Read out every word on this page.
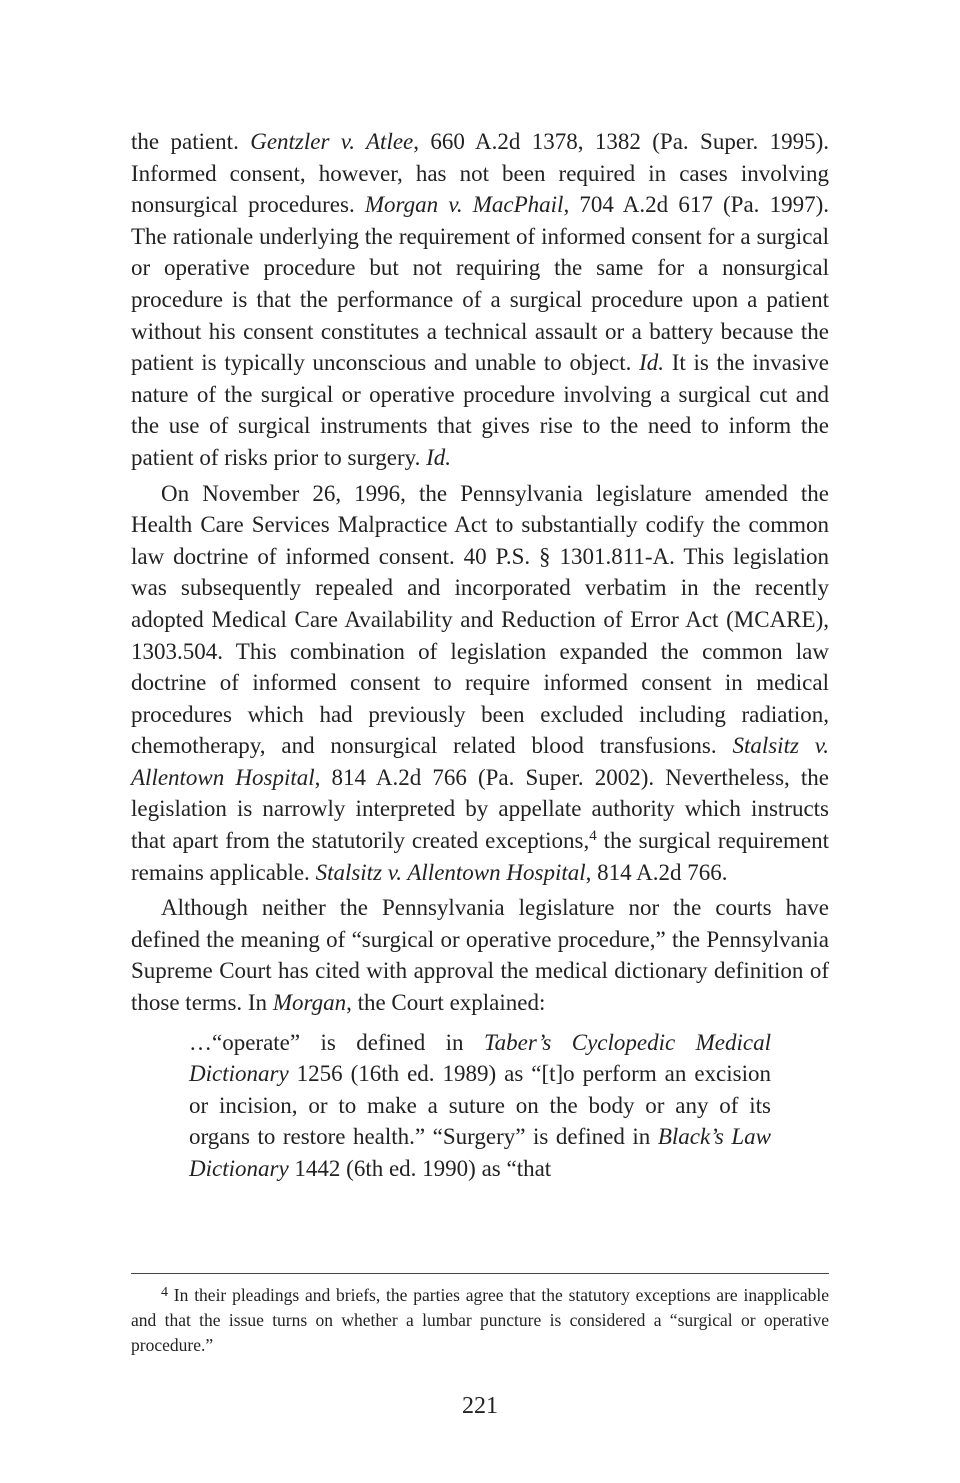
the patient. Gentzler v. Atlee, 660 A.2d 1378, 1382 (Pa. Super. 1995). Informed consent, however, has not been required in cases involving nonsurgical procedures. Morgan v. MacPhail, 704 A.2d 617 (Pa. 1997). The rationale underlying the requirement of informed consent for a surgical or operative procedure but not requiring the same for a nonsurgical procedure is that the performance of a surgical procedure upon a patient without his consent constitutes a technical assault or a battery because the patient is typically unconscious and unable to object. Id. It is the invasive nature of the surgical or operative procedure involving a surgical cut and the use of surgical instruments that gives rise to the need to inform the patient of risks prior to surgery. Id.

On November 26, 1996, the Pennsylvania legislature amended the Health Care Services Malpractice Act to substantially codify the common law doctrine of informed consent. 40 P.S. § 1301.811-A. This legislation was subsequently repealed and incorporated verbatim in the recently adopted Medical Care Availability and Reduction of Error Act (MCARE), 1303.504. This combination of legislation expanded the common law doctrine of informed consent to require informed consent in medical procedures which had previously been excluded including radiation, chemotherapy, and nonsurgical related blood transfusions. Stalsitz v. Allentown Hospital, 814 A.2d 766 (Pa. Super. 2002). Nevertheless, the legislation is narrowly interpreted by appellate authority which instructs that apart from the statutorily created exceptions,$^4$ the surgical requirement remains applicable. Stalsitz v. Allentown Hospital, 814 A.2d 766.

Although neither the Pennsylvania legislature nor the courts have defined the meaning of “surgical or operative procedure,” the Pennsylvania Supreme Court has cited with approval the medical dictionary definition of those terms. In Morgan, the Court explained:

…“operate” is defined in Taber’s Cyclopedic Medical Dictionary 1256 (16th ed. 1989) as “[t]o perform an excision or incision, or to make a suture on the body or any of its organs to restore health.” “Surgery” is defined in Black’s Law Dictionary 1442 (6th ed. 1990) as “that

$^4$ In their pleadings and briefs, the parties agree that the statutory exceptions are inapplicable and that the issue turns on whether a lumbar puncture is considered a “surgical or operative procedure.”
221
